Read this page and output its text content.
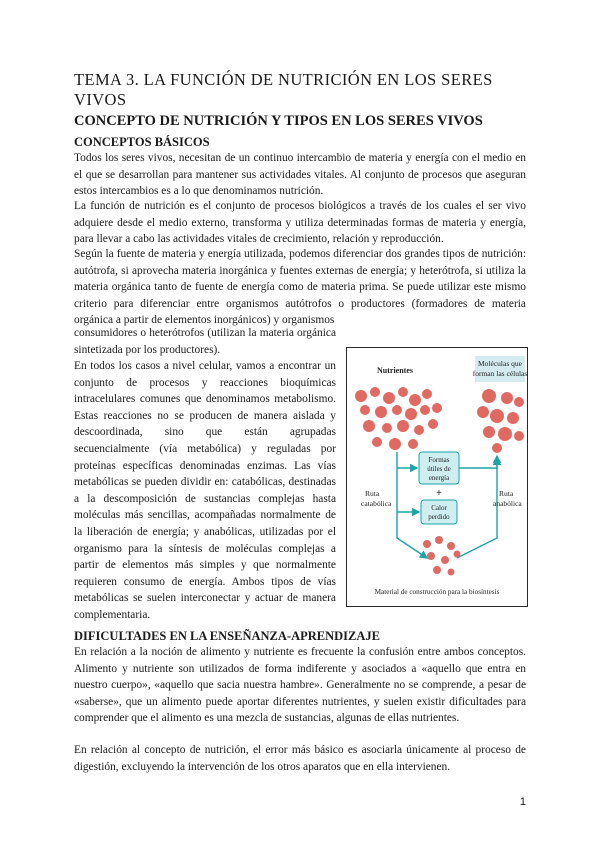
TEMA 3. LA FUNCIÓN DE NUTRICIÓN EN LOS SERES VIVOS
CONCEPTO DE NUTRICIÓN Y TIPOS EN LOS SERES VIVOS
CONCEPTOS BÁSICOS

Todos los seres vivos, necesitan de un continuo intercambio de materia y energía con el medio en el que se desarrollan para mantener sus actividades vitales. Al conjunto de procesos que aseguran estos intercambios es a lo que denominamos nutrición.

La función de nutrición es el conjunto de procesos biológicos a través de los cuales el ser vivo adquiere desde el medio externo, transforma y utiliza determinadas formas de materia y energía, para llevar a cabo las actividades vitales de crecimiento, relación y reproducción.

Según la fuente de materia y energía utilizada, podemos diferenciar dos grandes tipos de nutrición: autótrofa, si aprovecha materia inorgánica y fuentes externas de energía; y heterótrofa, si utiliza la materia orgánica tanto de fuente de energía como de materia prima. Se puede utilizar este mismo criterio para diferenciar entre organismos autótrofos o productores (formadores de materia orgánica a partir de elementos inorgánicos) y organismos

consumidores o heterótrofos (utilizan la materia orgánica sintetizada por los productores).

En todos los casos a nivel celular, vamos a encontrar un conjunto de procesos y reacciones bioquímicas intracelulares comunes que denominamos metabolismo. Estas reacciones no se producen de manera aislada y descoordinada, sino que están agrupadas secuencialmente (vía metabólica) y reguladas por proteínas específicas denominadas enzimas. Las vías metabólicas se pueden dividir en: catabólicas, destinadas a la descomposición de sustancias complejas hasta moléculas más sencillas, acompañadas normalmente de la liberación de energía; y anabólicas, utilizadas por el organismo para la síntesis de moléculas complejas a partir de elementos más simples y que normalmente requieren consumo de energía. Ambos tipos de vías metabólicas se suelen interconectar y actuar de manera complementaria.

Nutrientes
Moléculas que
forman las células
Formas
útiles de
energía
+
Calor
perdido
Ruta
catabólica
Ruta
anabólica
Material de construcción para la biosíntesis
DIFICULTADES EN LA ENSEÑANZA-APRENDIZAJE

En relación a la noción de alimento y nutriente es frecuente la confusión entre ambos conceptos. Alimento y nutriente son utilizados de forma indiferente y asociados a «aquello que entra en nuestro cuerpo», «aquello que sacia nuestra hambre». Generalmente no se comprende, a pesar de «saberse», que un alimento puede aportar diferentes nutrientes, y suelen existir dificultades para comprender que el alimento es una mezcla de sustancias, algunas de ellas nutrientes.

En relación al concepto de nutrición, el error más básico es asociarla únicamente al proceso de digestión, excluyendo la intervención de los otros aparatos que en ella intervienen.

1
